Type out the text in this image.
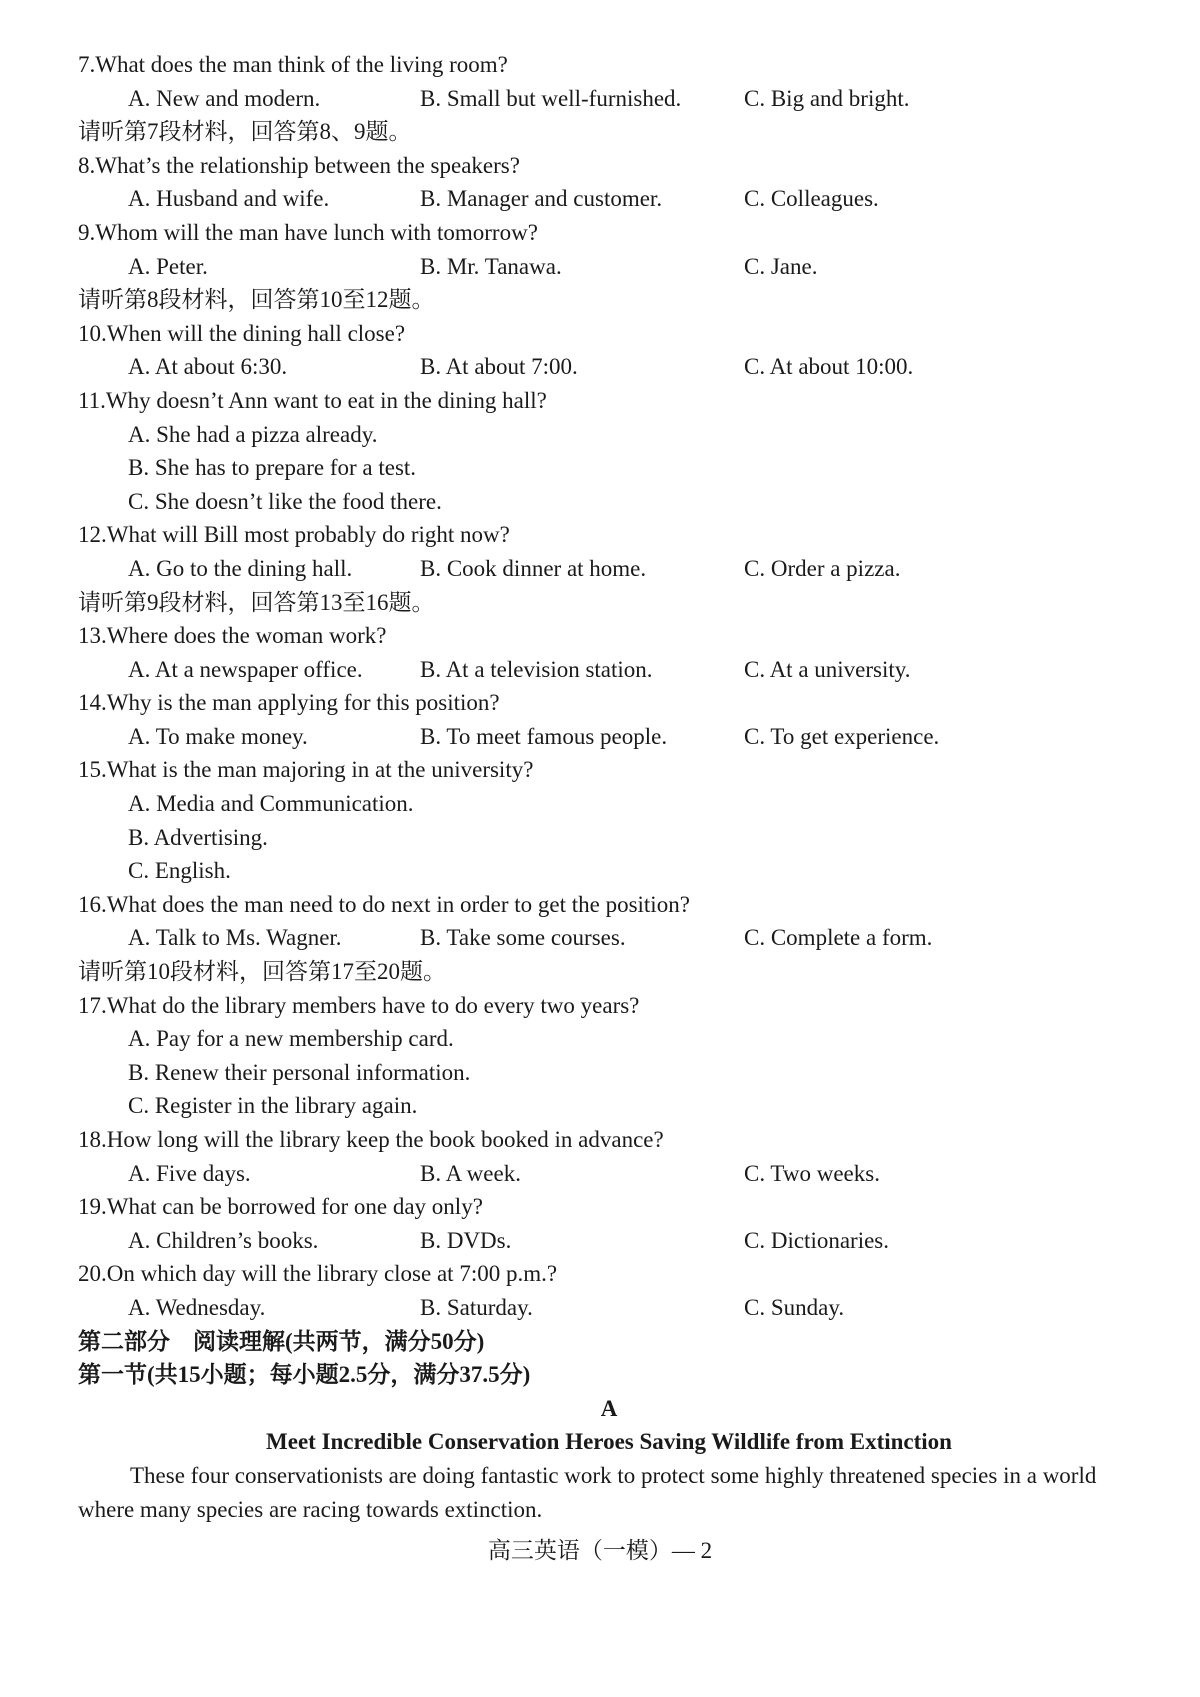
7.What does the man think of the living room?
A. New and modern.	B. Small but well-furnished.	C. Big and bright.
请听第7段材料，回答第8、9题。
8.What’s the relationship between the speakers?
A. Husband and wife.	B. Manager and customer.	C. Colleagues.
9.Whom will the man have lunch with tomorrow?
A. Peter.	B. Mr. Tanawa.	C. Jane.
请听第8段材料，回答第10至12题。
10.When will the dining hall close?
A. At about 6:30.	B. At about 7:00.	C. At about 10:00.
11.Why doesn’t Ann want to eat in the dining hall?
A. She had a pizza already.
B. She has to prepare for a test.
C. She doesn’t like the food there.
12.What will Bill most probably do right now?
A. Go to the dining hall.	B. Cook dinner at home.	C. Order a pizza.
请听第9段材料，回答第13至16题。
13.Where does the woman work?
A. At a newspaper office.	B. At a television station.	C. At a university.
14.Why is the man applying for this position?
A. To make money.	B. To meet famous people.	C. To get experience.
15.What is the man majoring in at the university?
A. Media and Communication.
B. Advertising.
C. English.
16.What does the man need to do next in order to get the position?
A. Talk to Ms. Wagner.	B. Take some courses.	C. Complete a form.
请听第10段材料，回答第17至20题。
17.What do the library members have to do every two years?
A. Pay for a new membership card.
B. Renew their personal information.
C. Register in the library again.
18.How long will the library keep the book booked in advance?
A. Five days.	B. A week.	C. Two weeks.
19.What can be borrowed for one day only?
A. Children’s books.	B. DVDs.	C. Dictionaries.
20.On which day will the library close at 7:00 p.m.?
A. Wednesday.	B. Saturday.	C. Sunday.
第二部分　阅读理解(共两节，满分50分)
第一节(共15小题；每小题2.5分，满分37.5分)
A
Meet Incredible Conservation Heroes Saving Wildlife from Extinction
These four conservationists are doing fantastic work to protect some highly threatened species in a world where many species are racing towards extinction.
高三英语（一模）— 2
